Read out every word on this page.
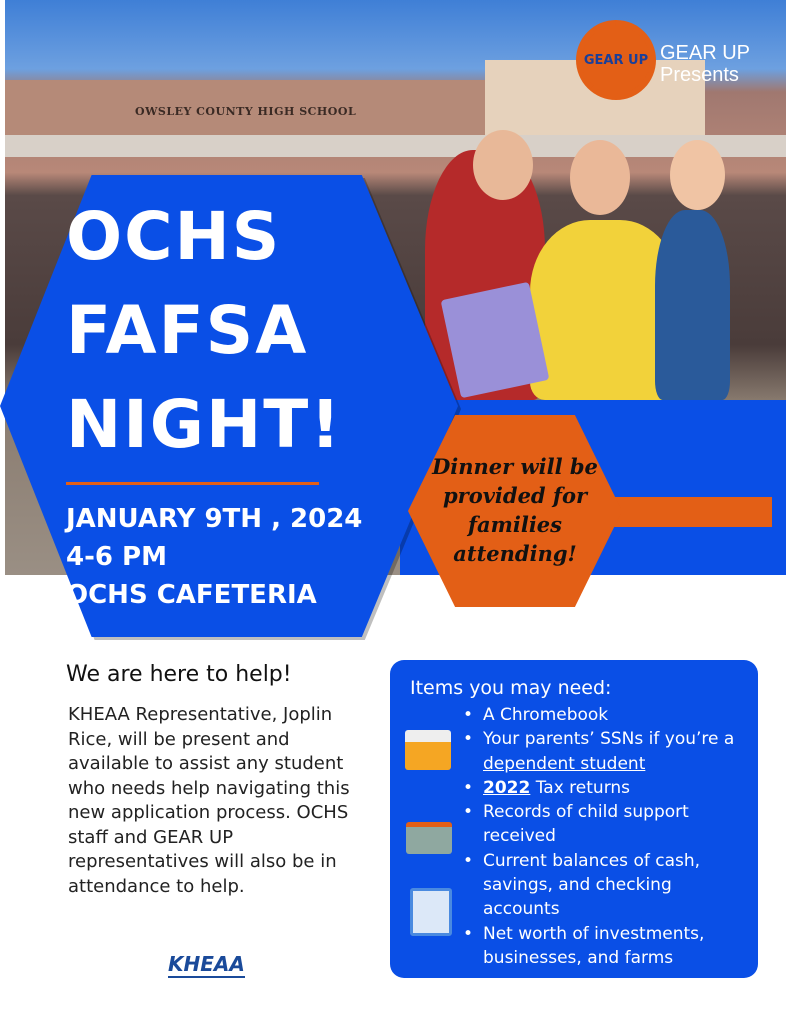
OWSLEY COUNTY HIGH SCHOOL
GEAR UP GEAR UP
Presents
OCHS
FAFSA
NIGHT!
JANUARY 9TH , 2024
4-6 PM
OCHS CAFETERIA
Dinner will be provided for families attending!
We are here to help!
KHEAA Representative, Joplin Rice, will be present and available to assist any student who needs help navigating this new application process. OCHS staff and GEAR UP representatives will also be in attendance to help.
KHEAA
Items you may need:
• A Chromebook
• Your parents’ SSNs if you’re a dependent student
• 2022 Tax returns
• Records of child support received
• Current balances of cash, savings, and checking accounts
• Net worth of investments, businesses, and farms
